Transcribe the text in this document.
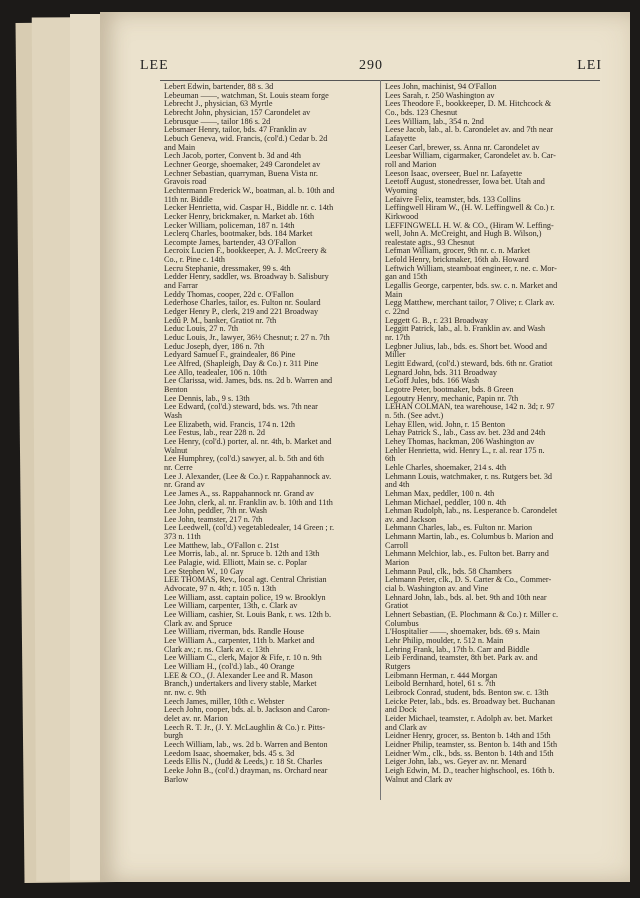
LEE	290	LEI
Lebert Edwin, bartender, 88 s. 3d
Lebeuman ——, watchman, St. Louis steam forge
Lebrecht J., physician, 63 Myrtle
Lebrecht John, physician, 157 Carondelet av
Lebrusque ——, tailor 186 s. 2d
Lebsmaer Henry, tailor, bds. 47 Franklin av
Lebuch Geneva, wid. Francis, (col'd.) Cedar b. 2d
and Main
Lech Jacob, porter, Convent b. 3d and 4th
Lechner George, shoemaker, 249 Carondelet av
Lechner Sebastian, quarryman, Buena Vista nr.
Gravois road
Lechtermann Frederick W., boatman, al. b. 10th and
11th nr. Biddle
Lecker Henrietta, wid. Caspar H., Biddle nr. c. 14th
Lecker Henry, brickmaker, n. Market ab. 16th
Lecker William, policeman, 187 n. 14th
Leclerq Charles, bootmaker, bds. 184 Market
Lecompte James, bartender, 43 O'Fallon
Lecroix Lucien F., bookkeeper, A. J. McCreery &
Co., r. Pine c. 14th
Lecru Stephanie, dressmaker, 99 s. 4th
Ledder Henry, saddler, ws. Broadway b. Salisbury
and Farrar
Leddy Thomas, cooper, 22d c. O'Fallon
Lederhose Charles, tailor, es. Fulton nr. Soulard
Ledger Henry P., clerk, 219 and 221 Broadway
Ledû P. M., banker, Gratiot nr. 7th
Leduc Louis, 27 n. 7th
Leduc Louis, Jr., lawyer, 36½ Chesnut; r. 27 n. 7th
Leduc Joseph, dyer, 186 n. 7th
Ledyard Samuel F., graindealer, 86 Pine
Lee Alfred, (Shapleigh, Day & Co.) r. 311 Pine
Lee Allo, teadealer, 106 n. 10th
Lee Clarissa, wid. James, bds. ns. 2d b. Warren and
Benton
Lee Dennis, lab., 9 s. 13th
Lee Edward, (col'd.) steward, bds. ws. 7th near
Wash
Lee Elizabeth, wid. Francis, 174 n. 12th
Lee Festus, lab., rear 228 n. 2d
Lee Henry, (col'd.) porter, al. nr. 4th, b. Market and
Walnut
Lee Humphrey, (col'd.) sawyer, al. b. 5th and 6th
nr. Cerre
Lee J. Alexander, (Lee & Co.) r. Rappahannock av.
nr. Grand av
Lee James A., ss. Rappahannock nr. Grand av
Lee John, clerk, al. nr. Franklin av. b. 10th and 11th
Lee John, peddler, 7th nr. Wash
Lee John, teamster, 217 n. 7th
Lee Leedwell, (col'd.) vegetabledealer, 14 Green ; r.
373 n. 11th
Lee Matthew, lab., O'Fallon c. 21st
Lee Morris, lab., al. nr. Spruce b. 12th and 13th
Lee Palagie, wid. Elliott, Main se. c. Poplar
Lee Stephen W., 10 Gay
LEE THOMAS, Rev., local agt. Central Christian
Advocate, 97 n. 4th; r. 105 n. 13th
Lee William, asst. captain police, 19 w. Brooklyn
Lee William, carpenter, 13th, c. Clark av
Lee William, cashier, St. Louis Bank, r. ws. 12th b.
Clark av. and Spruce
Lee William, riverman, bds. Randle House
Lee William A., carpenter, 11th b. Market and
Clark av.; r. ns. Clark av. c. 13th
Lee William C., clerk, Major & Fife, r. 10 n. 9th
Lee William H., (col'd.) lab., 40 Orange
LEE & CO., (J. Alexander Lee and R. Mason
Branch,) undertakers and livery stable, Market
nr. nw. c. 9th
Leech James, miller, 10th c. Webster
Leech John, cooper, bds. al. b. Jackson and Caron-
delet av. nr. Marion
Leech R. T. Jr., (J. Y. McLaughlin & Co.) r. Pitts-
burgh
Leech William, lab., ws. 2d b. Warren and Benton
Leedom Isaac, shoemaker, bds. 45 s. 3d
Leeds Ellis N., (Judd & Leeds,) r. 18 St. Charles
Leeke John B., (col'd.) drayman, ns. Orchard near
Barlow
Lees John, machinist, 94 O'Fallon
Lees Sarah, r. 250 Washington av
Lees Theodore F., bookkeeper, D. M. Hitchcock &
Co., bds. 123 Chesnut
Lees William, lab., 354 n. 2nd
Leese Jacob, lab., al. b. Carondelet av. and 7th near
Lafayette
Leeser Carl, brewer, ss. Anna nr. Carondelet av
Leesbar William, cigarmaker, Carondelet av. b. Car-
roll and Marion
Leeson Isaac, overseer, Buel nr. Lafayette
Leetoff August, stonedresser, Iowa bet. Utah and
Wyoming
Lefaivre Felix, teamster, bds. 133 Collins
Leffingwell Hiram W., (H. W. Leffingwell & Co.) r.
Kirkwood
LEFFINGWELL H. W. & CO., (Hiram W. Leffing-
well, John A. McCreight, and Hugh B. Wilson,)
realestate agts., 93 Chesnut
Lefman William, grocer, 9th nr. c. n. Market
Lefold Henry, brickmaker, 16th ab. Howard
Leftwich William, steamboat engineer, r. ne. c. Mor-
gan and 15th
Legallis George, carpenter, bds. sw. c. n. Market and
Main
Legg Matthew, merchant tailor, 7 Olive; r. Clark av.
c. 22nd
Leggett G. B., r. 231 Broadway
Leggitt Patrick, lab., al. b. Franklin av. and Wash
nr. 17th
Legbner Julius, lab., bds. es. Short bet. Wood and
Miller
Legitt Edward, (col'd.) steward, bds. 6th nr. Gratiot
Legnard John, bds. 311 Broadway
LeGoff Jules, bds. 166 Wash
Legotre Peter, bootmaker, bds. 8 Green
Legoutry Henry, mechanic, Papin nr. 7th
LEHAN COLMAN, tea warehouse, 142 n. 3d; r. 97
n. 5th. (See advt.)
Lehay Ellen, wid. John, r. 15 Benton
Lehay Patrick S., lab., Cass av. bet. 23d and 24th
Lehey Thomas, hackman, 206 Washington av
Lehler Henrietta, wid. Henry L., r. al. rear 175 n.
6th
Lehle Charles, shoemaker, 214 s. 4th
Lehmann Louis, watchmaker, r. ns. Rutgers bet. 3d
and 4th
Lehman Max, peddler, 100 n. 4th
Lehman Michael, peddler, 100 n. 4th
Lehman Rudolph, lab., ns. Lesperance b. Carondelet
av. and Jackson
Lehmann Charles, lab., es. Fulton nr. Marion
Lehmann Martin, lab., es. Columbus b. Marion and
Carroll
Lehmann Melchior, lab., es. Fulton bet. Barry and
Marion
Lehmann Paul, clk., bds. 58 Chambers
Lehmann Peter, clk., D. S. Carter & Co., Commer-
cial b. Washington av. and Vine
Lehnard John, lab., bds. al. bet. 9th and 10th near
Gratiot
Lehnert Sebastian, (E. Plochmann & Co.) r. Miller c.
Columbus
L'Hospitalier ——, shoemaker, bds. 69 s. Main
Lehr Philip, moulder, r. 512 n. Main
Lehring Frank, lab., 17th b. Carr and Biddle
Leib Ferdinand, teamster, 8th bet. Park av. and
Rutgers
Leibmann Herman, r. 444 Morgan
Leibold Bernhard, hotel, 61 s. 7th
Leibrock Conrad, student, bds. Benton sw. c. 13th
Leicke Peter, lab., bds. es. Broadway bet. Buchanan
and Dock
Leider Michael, teamster, r. Adolph av. bet. Market
and Clark av
Leidner Henry, grocer, ss. Benton b. 14th and 15th
Leidner Philip, teamster, ss. Benton b. 14th and 15th
Leidner Wm., clk., bds. ss. Benton b. 14th and 15th
Leiger John, lab., ws. Geyer av. nr. Menard
Leigh Edwin, M. D., teacher highschool, es. 16th b.
Walnut and Clark av
